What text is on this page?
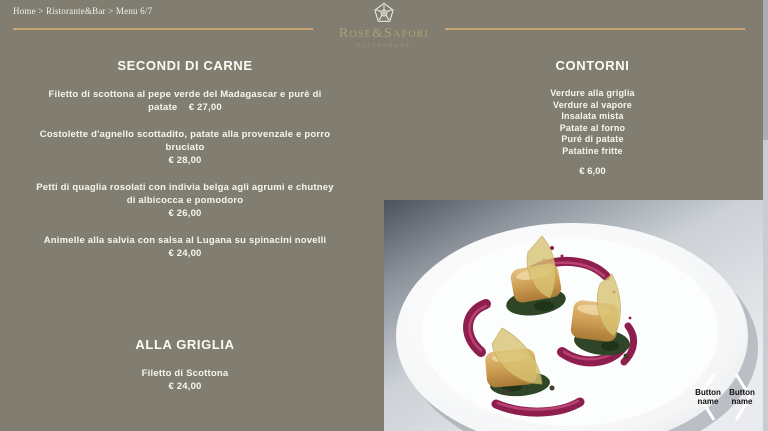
Home > Ristorante&Bar > Menu 6/7
Rose&Sapori
RESTAURANT
SECONDI DI CARNE
Filetto di scottona al pepe verde del Madagascar e purè di
patate    € 27,00
Costolette d'agnello scottadito, patate alla provenzale e porro
bruciato
€ 28,00
Petti di quaglia rosolati con indivia belga agli agrumi e chutney
di albicocca e pomodoro
€ 26,00
Animelle alla salvia con salsa al Lugana su spinacini novelli
€ 24,00
ALLA GRIGLIA
Filetto di Scottona
€ 24,00
CONTORNI
Verdure alla griglia
Verdure al vapore
Insalata mista
Patate al forno
Puré di patate
Patatine fritte
€ 6,00
Button name
Button name
